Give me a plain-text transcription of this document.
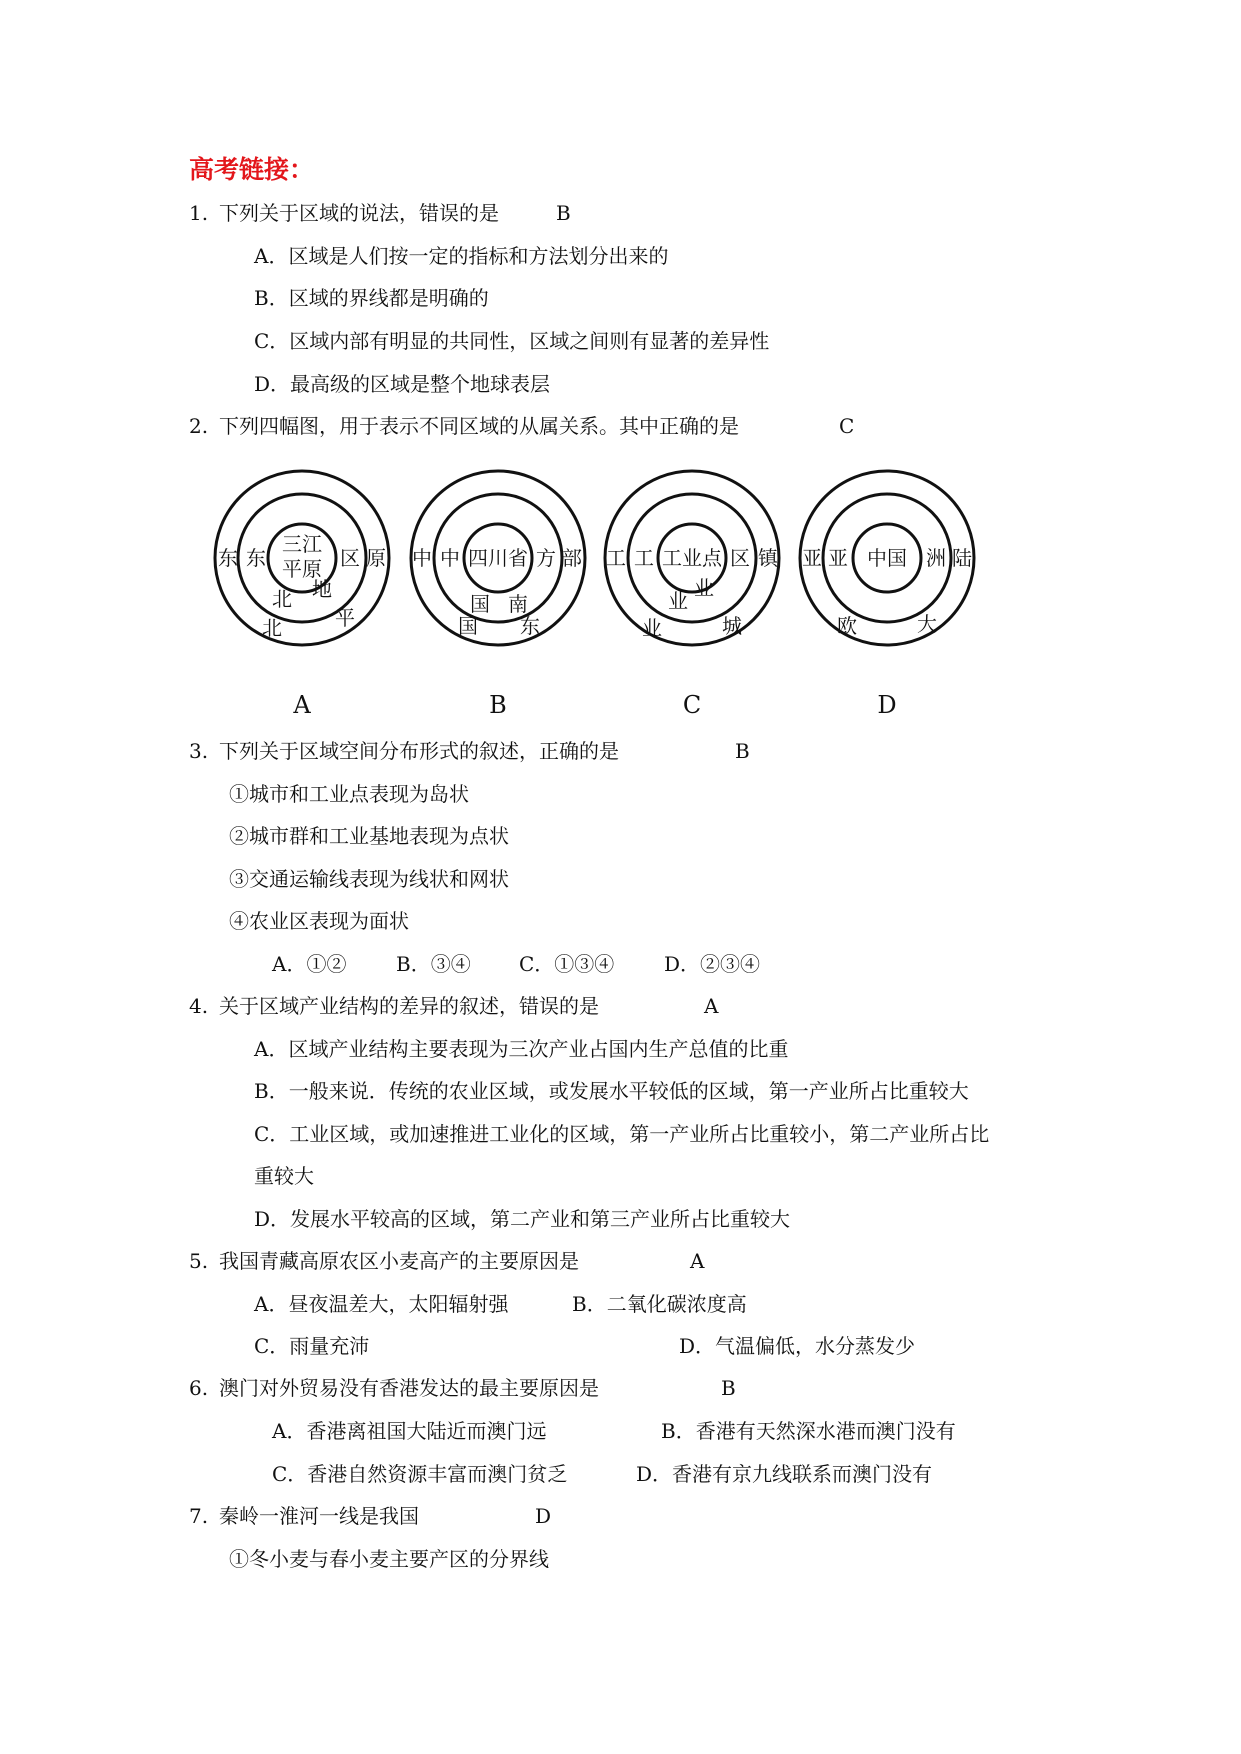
高考链接：
1. 下列关于区域的说法，错误的是	B
A．区域是人们按一定的指标和方法划分出来的
B．区域的界线都是明确的
C．区域内部有明显的共同性，区域之间则有显著的差异性
D．最高级的区域是整个地球表层
2. 下列四幅图，用于表示不同区域的从属关系。其中正确的是	C
三江
平原
东	区
北 地
东	原
北	平
A
四川省
中	方
国 南
中	部
国 东
B
工业点
工	区
业
业
工	镇
业	城
C
中国
亚	洲
亚	陆
欧	大
D
3. 下列关于区域空间分布形式的叙述，正确的是	B
①城市和工业点表现为岛状
②城市群和工业基地表现为点状
③交通运输线表现为线状和网状
④农业区表现为面状
A．①② B．③④ C．①③④ D．②③④
4. 关于区域产业结构的差异的叙述，错误的是	A
A．区域产业结构主要表现为三次产业占国内生产总值的比重
B．一般来说．传统的农业区域，或发展水平较低的区域，第一产业所占比重较大
C．工业区域，或加速推进工业化的区域，第一产业所占比重较小，第二产业所占比
重较大
D．发展水平较高的区域，第二产业和第三产业所占比重较大
5. 我国青藏高原农区小麦高产的主要原因是	A
A．昼夜温差大，太阳辐射强	B．二氧化碳浓度高
C．雨量充沛	D．气温偏低，水分蒸发少
6. 澳门对外贸易没有香港发达的最主要原因是	B
A．香港离祖国大陆近而澳门远	B．香港有天然深水港而澳门没有
C．香港自然资源丰富而澳门贫乏	D．香港有京九线联系而澳门没有
7. 秦岭一淮河一线是我国	D
①冬小麦与春小麦主要产区的分界线
